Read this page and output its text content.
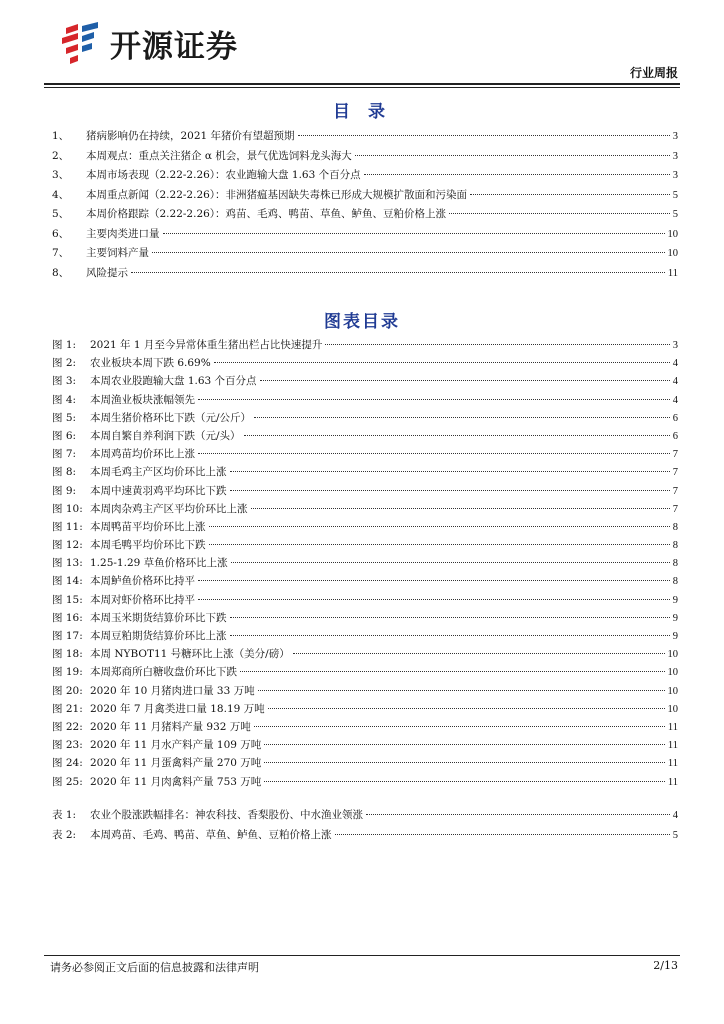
开源证券
行业周报
目 录
1、	猪病影响仍在持续，2021 年猪价有望超预期	3
2、	本周观点：重点关注猪企 α 机会，景气优选饲料龙头海大	3
3、	本周市场表现（2.22-2.26）：农业跑输大盘 1.63 个百分点	3
4、	本周重点新闻（2.22-2.26）：非洲猪瘟基因缺失毒株已形成大规模扩散面和污染面	5
5、	本周价格跟踪（2.22-2.26）：鸡苗、毛鸡、鸭苗、草鱼、鲈鱼、豆粕价格上涨	5
6、	主要肉类进口量	10
7、	主要饲料产量	10
8、	风险提示	11
图表目录
图 1:	2021 年 1 月至今异常体重生猪出栏占比快速提升	3
图 2:	农业板块本周下跌 6.69%	4
图 3:	本周农业股跑输大盘 1.63 个百分点	4
图 4:	本周渔业板块涨幅领先	4
图 5:	本周生猪价格环比下跌（元/公斤）	6
图 6:	本周自繁自养利润下跌（元/头）	6
图 7:	本周鸡苗均价环比上涨	7
图 8:	本周毛鸡主产区均价环比上涨	7
图 9:	本周中速黄羽鸡平均环比下跌	7
图 10: 本周肉杂鸡主产区平均价环比上涨	7
图 11: 本周鸭苗平均价环比上涨	8
图 12: 本周毛鸭平均价环比下跌	8
图 13: 1.25-1.29 草鱼价格环比上涨	8
图 14: 本周鲈鱼价格环比持平	8
图 15: 本周对虾价格环比持平	9
图 16: 本周玉米期货结算价环比下跌	9
图 17: 本周豆粕期货结算价环比上涨	9
图 18: 本周 NYBOT11 号糖环比上涨（美分/磅）	10
图 19: 本周郑商所白糖收盘价环比下跌	10
图 20: 2020 年 10 月猪肉进口量 33 万吨	10
图 21: 2020 年 7 月禽类进口量 18.19 万吨	10
图 22: 2020 年 11 月猪料产量 932 万吨	11
图 23: 2020 年 11 月水产料产量 109 万吨	11
图 24: 2020 年 11 月蛋禽料产量 270 万吨	11
图 25: 2020 年 11 月肉禽料产量 753 万吨	11
表 1:	农业个股涨跌幅排名：神农科技、香梨股份、中水渔业领涨	4
表 2:	本周鸡苗、毛鸡、鸭苗、草鱼、鲈鱼、豆粕价格上涨	5
请务必参阅正文后面的信息披露和法律声明	2/13
